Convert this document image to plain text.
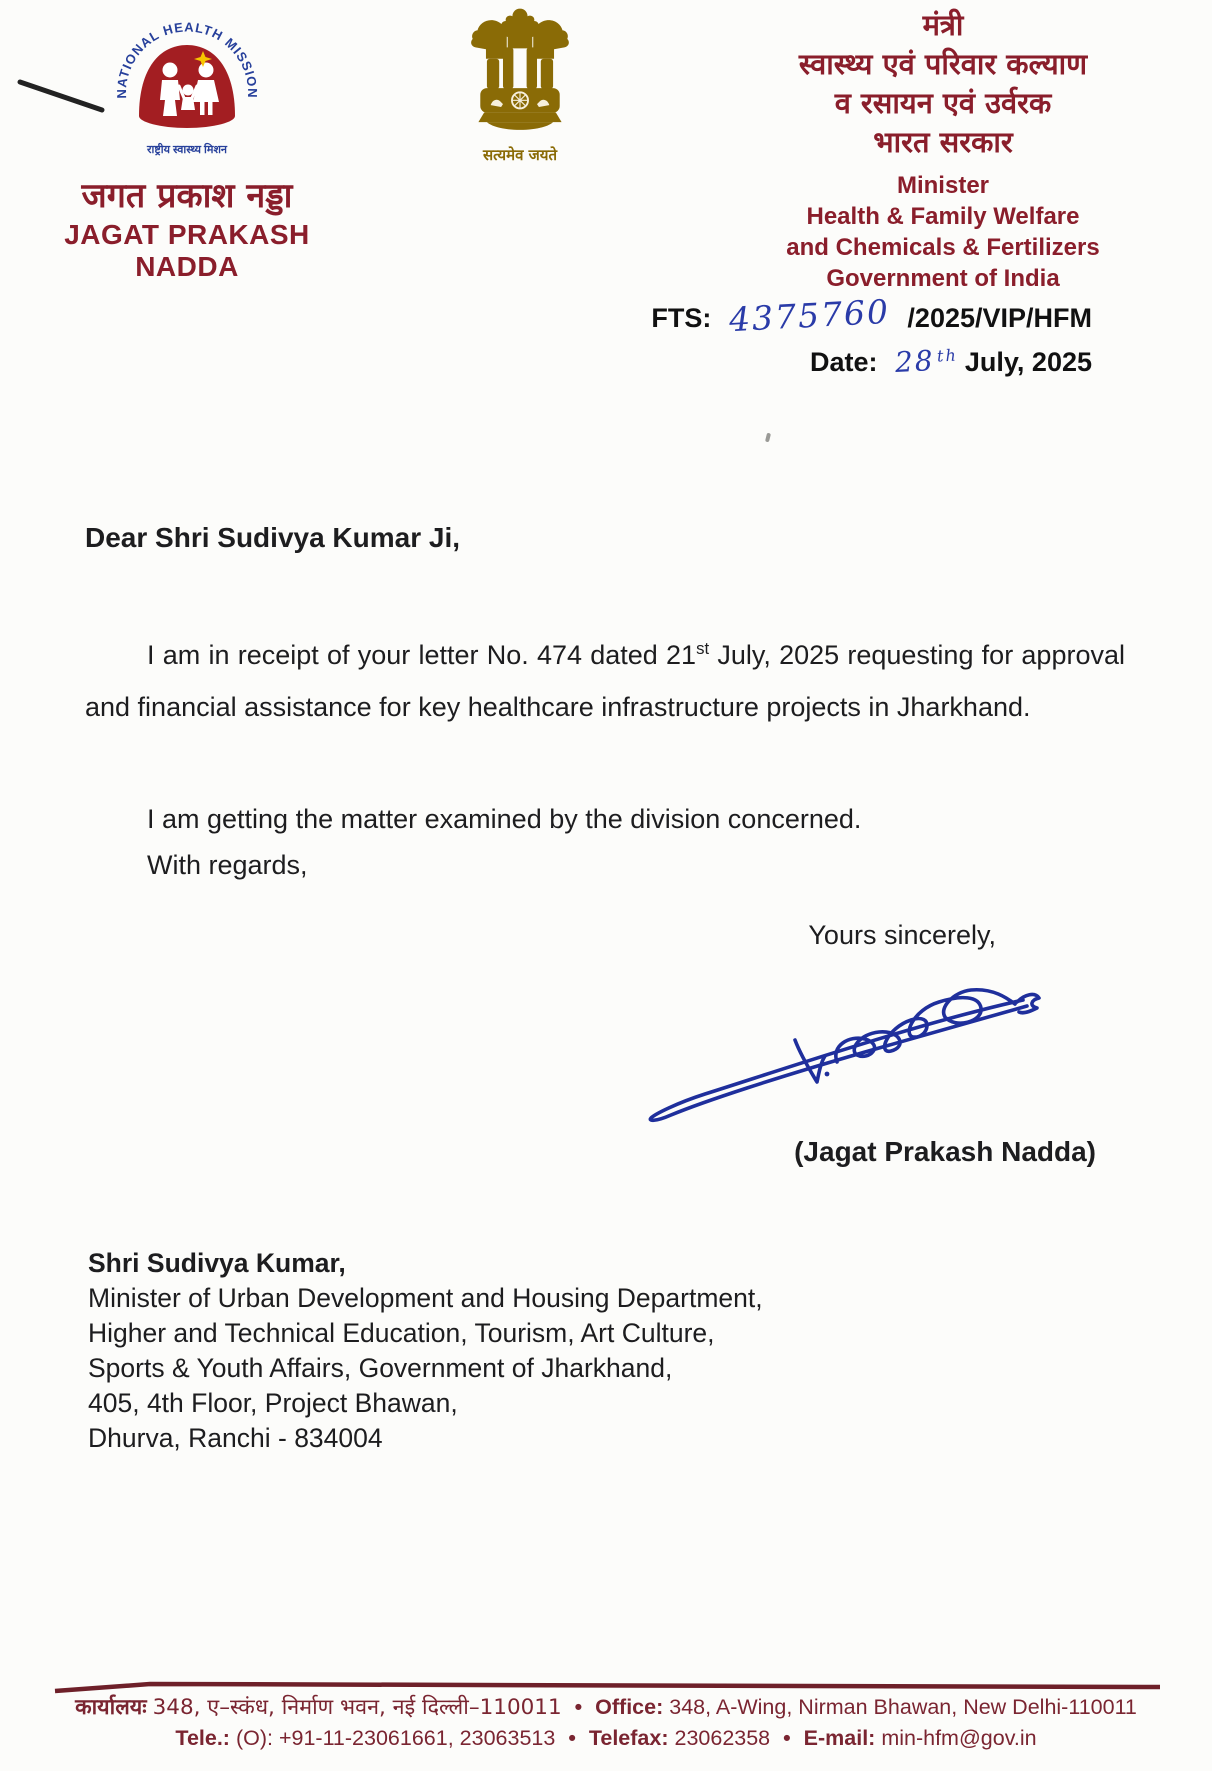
NATIONAL HEALTH MISSION
राष्ट्रीय स्वास्थ्य मिशन
जगत प्रकाश नड्डा
JAGAT PRAKASH NADDA
सत्यमेव जयते
मंत्री
स्वास्थ्य एवं परिवार कल्याण
व रसायन एवं उर्वरक
भारत सरकार
Minister
Health & Family Welfare
and Chemicals & Fertilizers
Government of India
FTS: 4375760 /2025/VIP/HFM
Date: 28th July, 2025
Dear Shri Sudivya Kumar Ji,

I am in receipt of your letter No. 474 dated 21st July, 2025 requesting for approval and financial assistance for key healthcare infrastructure projects in Jharkhand.

I am getting the matter examined by the division concerned.

With regards,
Yours sincerely,
(Jagat Prakash Nadda)
Shri Sudivya Kumar,
Minister of Urban Development and Housing Department,
Higher and Technical Education, Tourism, Art Culture,
Sports & Youth Affairs, Government of Jharkhand,
405, 4th Floor, Project Bhawan,
Dhurva, Ranchi - 834004
कार्यालयः 348, ए–स्कंध, निर्माण भवन, नई दिल्ली–110011 • Office: 348, A-Wing, Nirman Bhawan, New Delhi-110011
Tele.: (O): +91-11-23061661, 23063513 • Telefax: 23062358 • E-mail: min-hfm@gov.in
